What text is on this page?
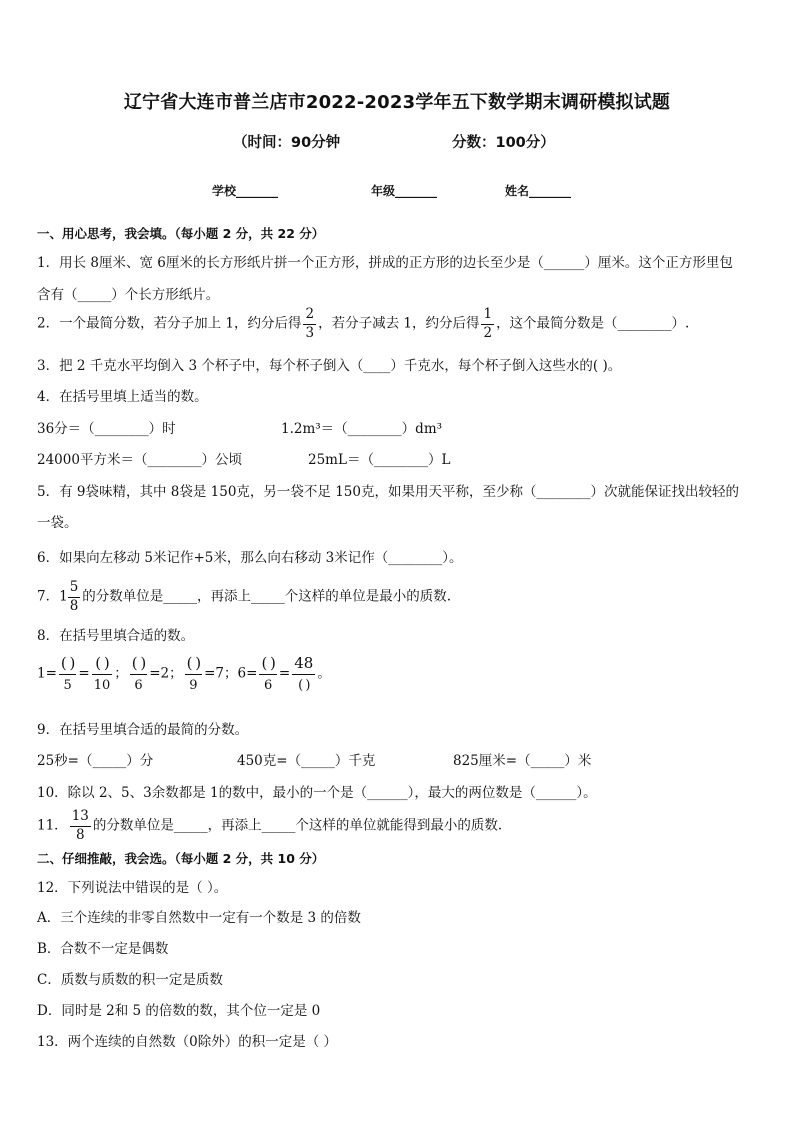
辽宁省大连市普兰店市2022-2023学年五下数学期末调研模拟试题
（时间：90分钟	分数：100分）
学校_______	年级_______	姓名_______
一、用心思考，我会填。（每小题 2 分，共 22 分）
1．用长 8厘米、宽 6厘米的长方形纸片拼一个正方形，拼成的正方形的边长至少是（______）厘米。这个正方形里包
含有（_____）个长方形纸片。
2．一个最简分数，若分子加上 1，约分后得 $\frac{2}{3}$ ，若分子减去 1，约分后得 $\frac{1}{2}$ ，这个最简分数是（________）.
3．把 2 千克水平均倒入 3 个杯子中，每个杯子倒入（____）千克水，每个杯子倒入这些水的( )。
4．在括号里填上适当的数。
36分＝（________）时	1.2m³＝（________）dm³
24000平方米＝（________）公顷	25mL＝（________）L
5．有 9袋味精，其中 8袋是 150克，另一袋不足 150克，如果用天平称，至少称（________）次就能保证找出较轻的
一袋。
6．如果向左移动 5米记作+5米，那么向右移动 3米记作（________）。
7．$1 \frac{5}{8}$ 的分数单位是_____，再添上_____个这样的单位是最小的质数.
8．在括号里填合适的数。
1=
( )
5
=
( )
10
；
( )
6
=2；
( )
9
=7；6=
( )
6
=
48
( )
。
9．在括号里填合适的最简的分数。
25秒=（_____）分	450克=（_____）千克	825厘米=（_____）米
10．除以 2、5、3余数都是 1的数中，最小的一个是（______），最大的两位数是（______）。
11． $\frac{13}{8}$ 的分数单位是_____，再添上_____个这样的单位就能得到最小的质数.
二、仔细推敲，我会选。（每小题 2 分，共 10 分）
12．下列说法中错误的是（ ）。
A．三个连续的非零自然数中一定有一个数是 3 的倍数
B．合数不一定是偶数
C．质数与质数的积一定是质数
D．同时是 2和 5 的倍数的数，其个位一定是 0
13．两个连续的自然数（0除外）的积一定是（ ）
